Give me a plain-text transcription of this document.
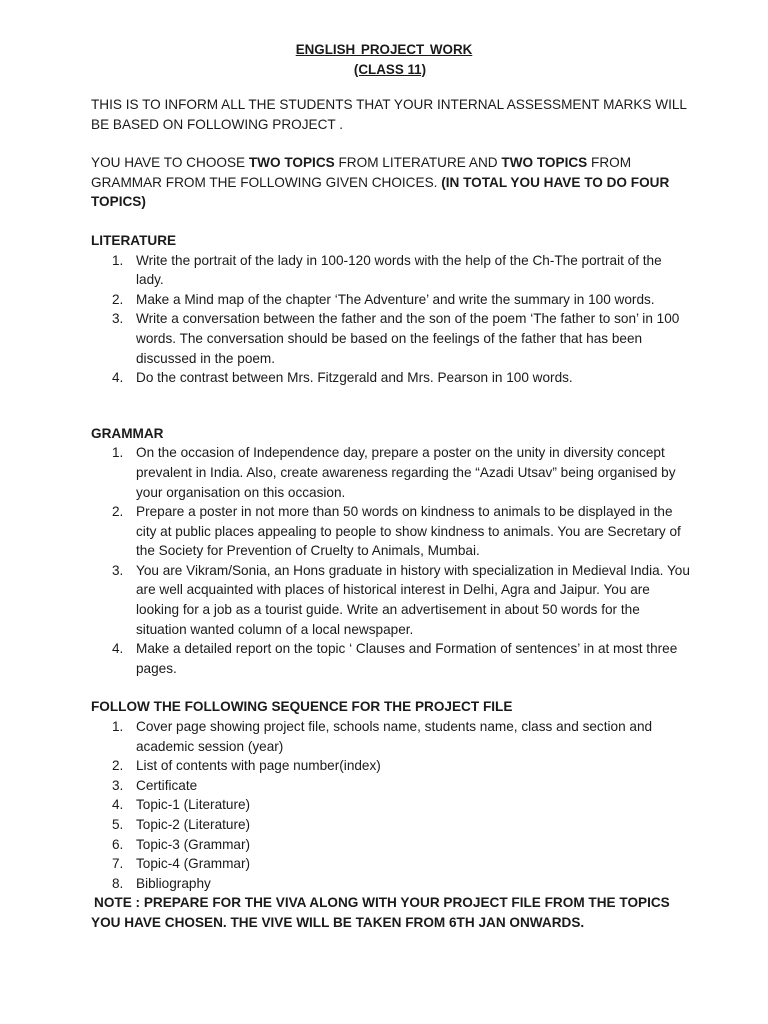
ENGLISH PROJECT WORK
(CLASS 11)

THIS IS TO INFORM ALL THE STUDENTS THAT YOUR INTERNAL ASSESSMENT MARKS WILL BE BASED ON FOLLOWING PROJECT .

YOU HAVE TO CHOOSE TWO TOPICS FROM LITERATURE AND TWO TOPICS FROM GRAMMAR FROM THE FOLLOWING GIVEN CHOICES. (IN TOTAL YOU HAVE TO DO FOUR TOPICS)

LITERATURE

1. Write the portrait of the lady in 100-120 words with the help of the Ch-The portrait of the lady.
2. Make a Mind map of the chapter ‘The Adventure’ and write the summary in 100 words.
3. Write a conversation between the father and the son of the poem ‘The father to son’ in 100 words. The conversation should be based on the feelings of the father that has been discussed in the poem.
4. Do the contrast between Mrs. Fitzgerald and Mrs. Pearson in 100 words.

GRAMMAR

1. On the occasion of Independence day, prepare a poster on the unity in diversity concept prevalent in India. Also, create awareness regarding the “Azadi Utsav” being organised by your organisation on this occasion.
2. Prepare a poster in not more than 50 words on kindness to animals to be displayed in the city at public places appealing to people to show kindness to animals. You are Secretary of the Society for Prevention of Cruelty to Animals, Mumbai.
3. You are Vikram/Sonia, an Hons graduate in history with specialization in Medieval India. You are well acquainted with places of historical interest in Delhi, Agra and Jaipur. You are looking for a job as a tourist guide. Write an advertisement in about 50 words for the situation wanted column of a local newspaper.
4. Make a detailed report on the topic ‘ Clauses and Formation of sentences’ in at most three pages.

FOLLOW THE FOLLOWING SEQUENCE FOR THE PROJECT FILE

1. Cover page showing project file, schools name, students name, class and section and academic session (year)
2. List of contents with page number(index)
3. Certificate
4. Topic-1 (Literature)
5. Topic-2 (Literature)
6. Topic-3 (Grammar)
7. Topic-4 (Grammar)
8. Bibliography

NOTE : PREPARE FOR THE VIVA ALONG WITH YOUR PROJECT FILE FROM THE TOPICS YOU HAVE CHOSEN. THE VIVE WILL BE TAKEN FROM 6TH JAN ONWARDS.
